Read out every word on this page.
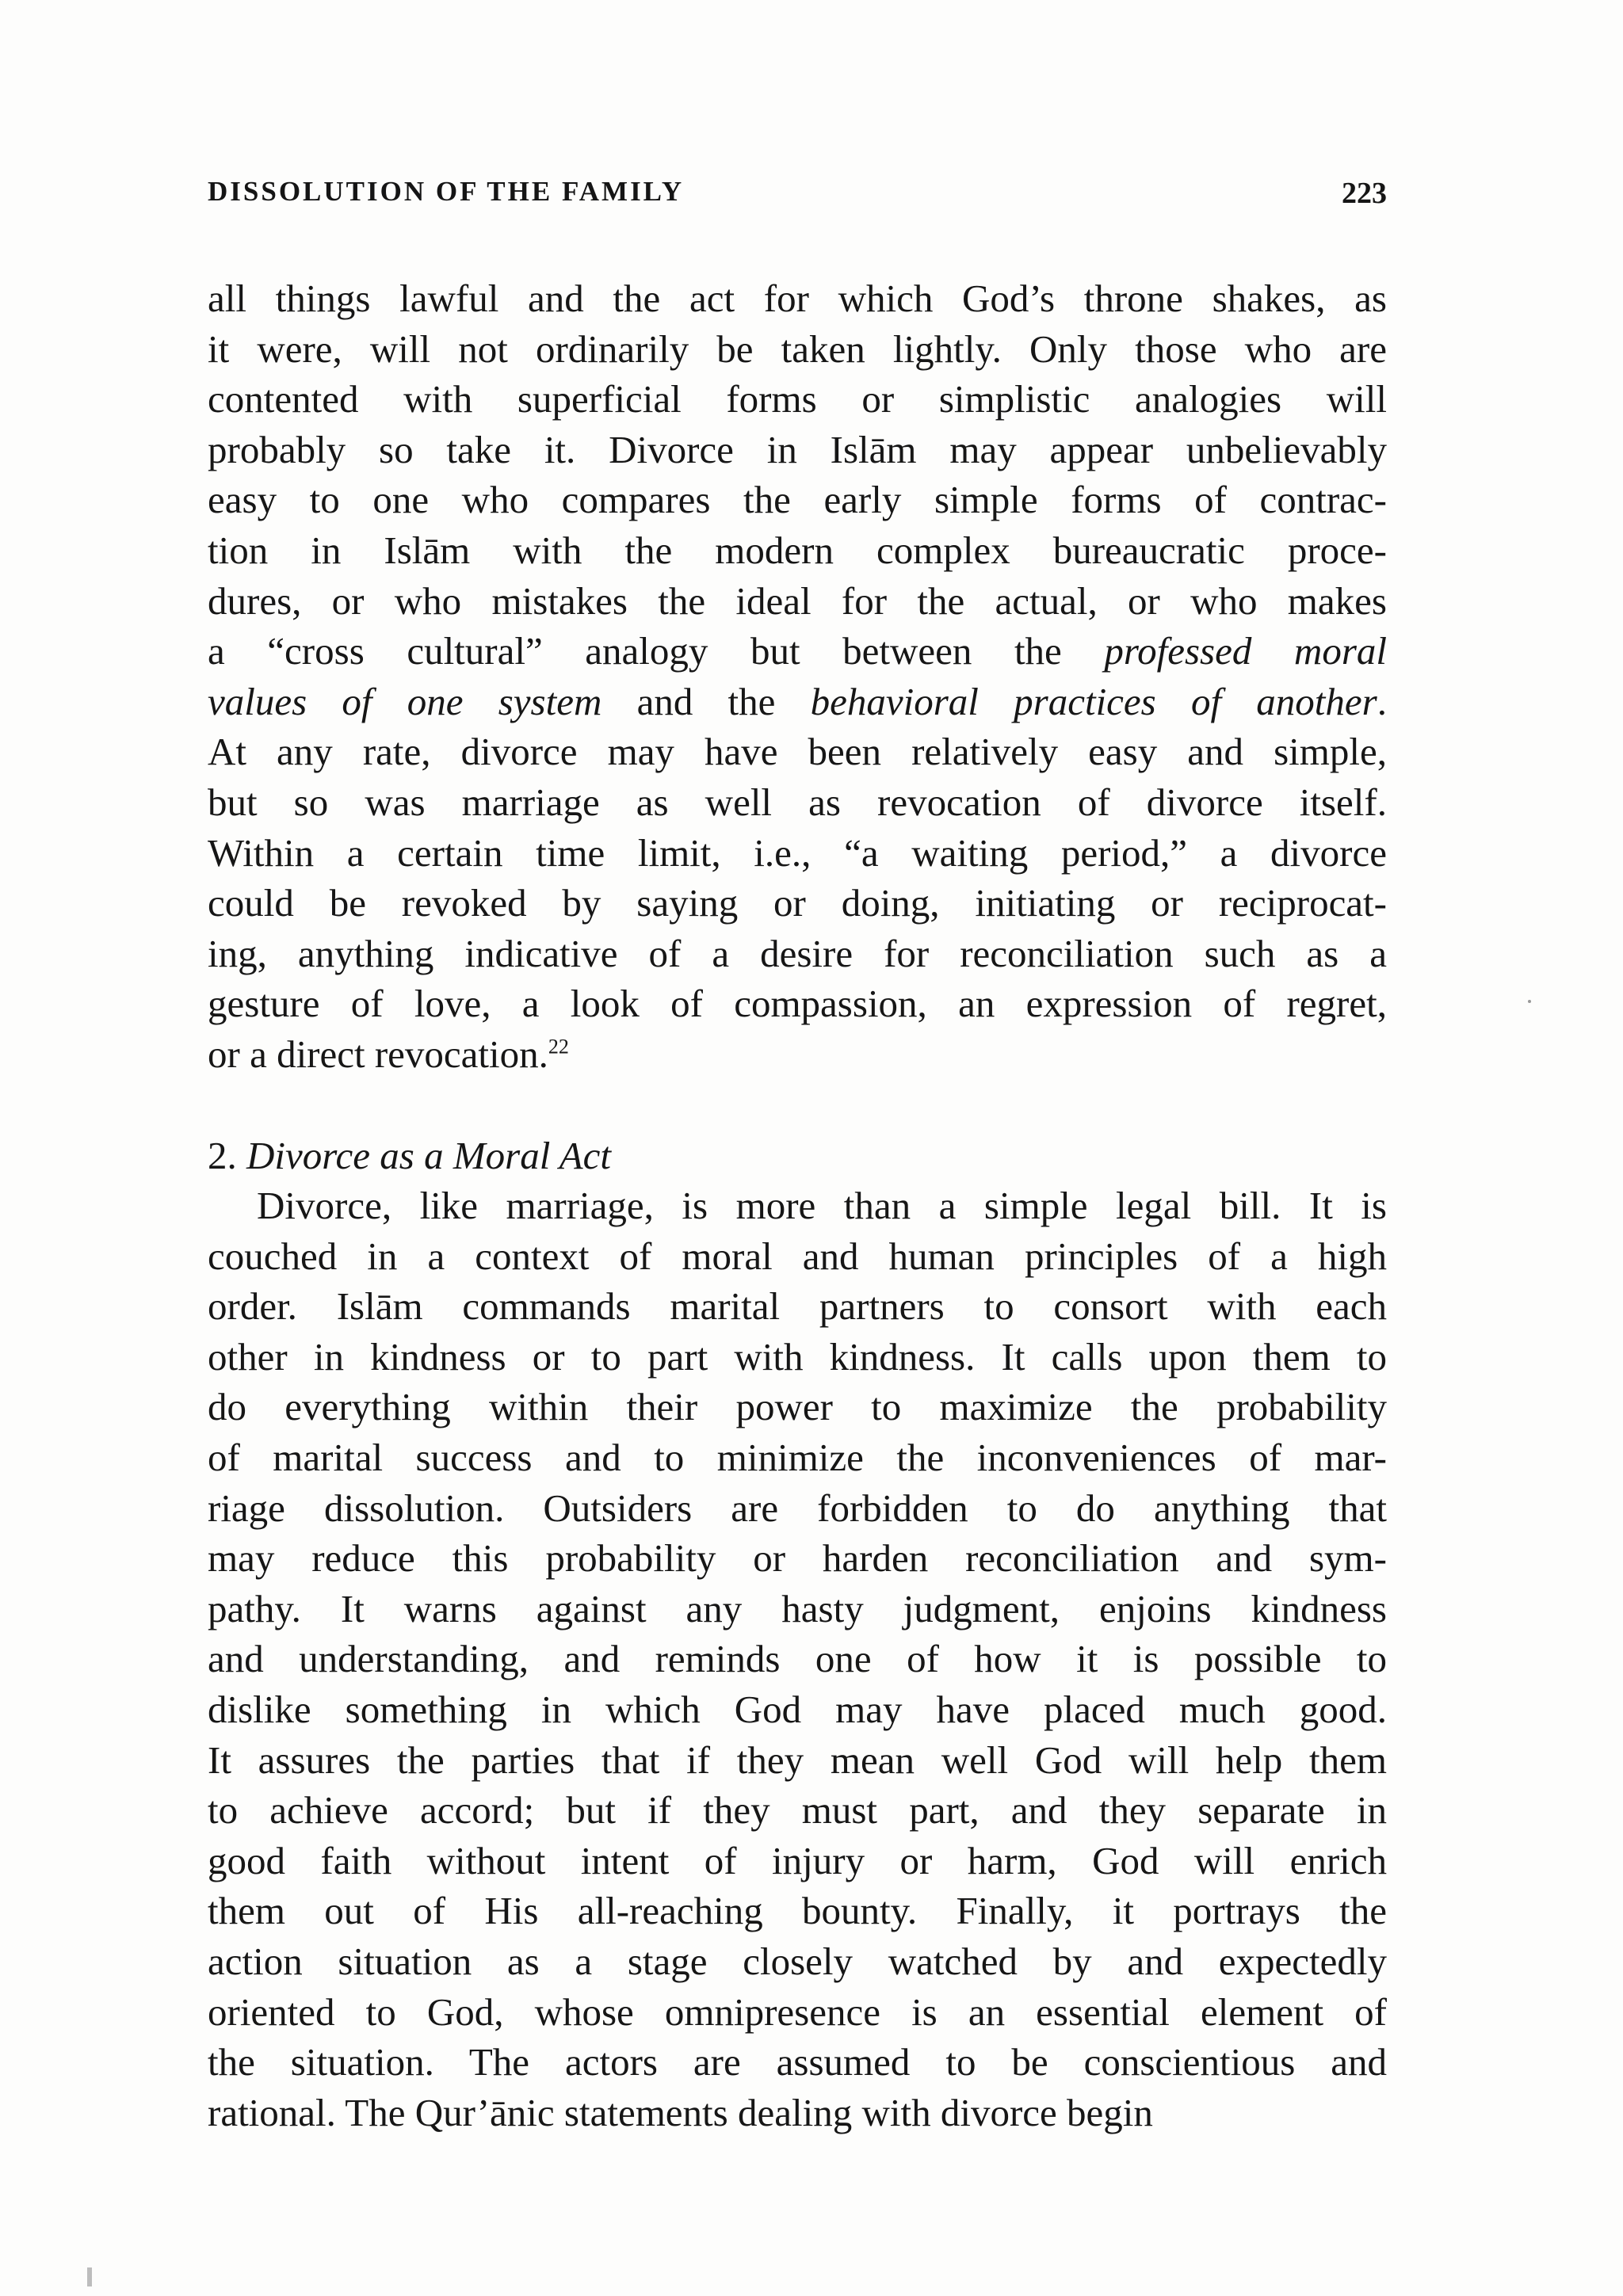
DISSOLUTION OF THE FAMILY	223
all things lawful and the act for which God’s throne shakes, as
it were, will not ordinarily be taken lightly. Only those who are
contented with superficial forms or simplistic analogies will
probably so take it. Divorce in Islām may appear unbelievably
easy to one who compares the early simple forms of contrac-
tion in Islām with the modern complex bureaucratic proce-
dures, or who mistakes the ideal for the actual, or who makes
a “cross cultural” analogy but between the professed moral
values of one system and the behavioral practices of another.
At any rate, divorce may have been relatively easy and simple,
but so was marriage as well as revocation of divorce itself.
Within a certain time limit, i.e., “a waiting period,” a divorce
could be revoked by saying or doing, initiating or reciprocat-
ing, anything indicative of a desire for reconciliation such as a
gesture of love, a look of compassion, an expression of regret,
or a direct revocation.$^{22}$
2. Divorce as a Moral Act
Divorce, like marriage, is more than a simple legal bill. It is
couched in a context of moral and human principles of a high
order. Islām commands marital partners to consort with each
other in kindness or to part with kindness. It calls upon them to
do everything within their power to maximize the probability
of marital success and to minimize the inconveniences of mar-
riage dissolution. Outsiders are forbidden to do anything that
may reduce this probability or harden reconciliation and sym-
pathy. It warns against any hasty judgment, enjoins kindness
and understanding, and reminds one of how it is possible to
dislike something in which God may have placed much good.
It assures the parties that if they mean well God will help them
to achieve accord; but if they must part, and they separate in
good faith without intent of injury or harm, God will enrich
them out of His all-reaching bounty. Finally, it portrays the
action situation as a stage closely watched by and expectedly
oriented to God, whose omnipresence is an essential element of
the situation. The actors are assumed to be conscientious and
rational. The Qur’ānic statements dealing with divorce begin
